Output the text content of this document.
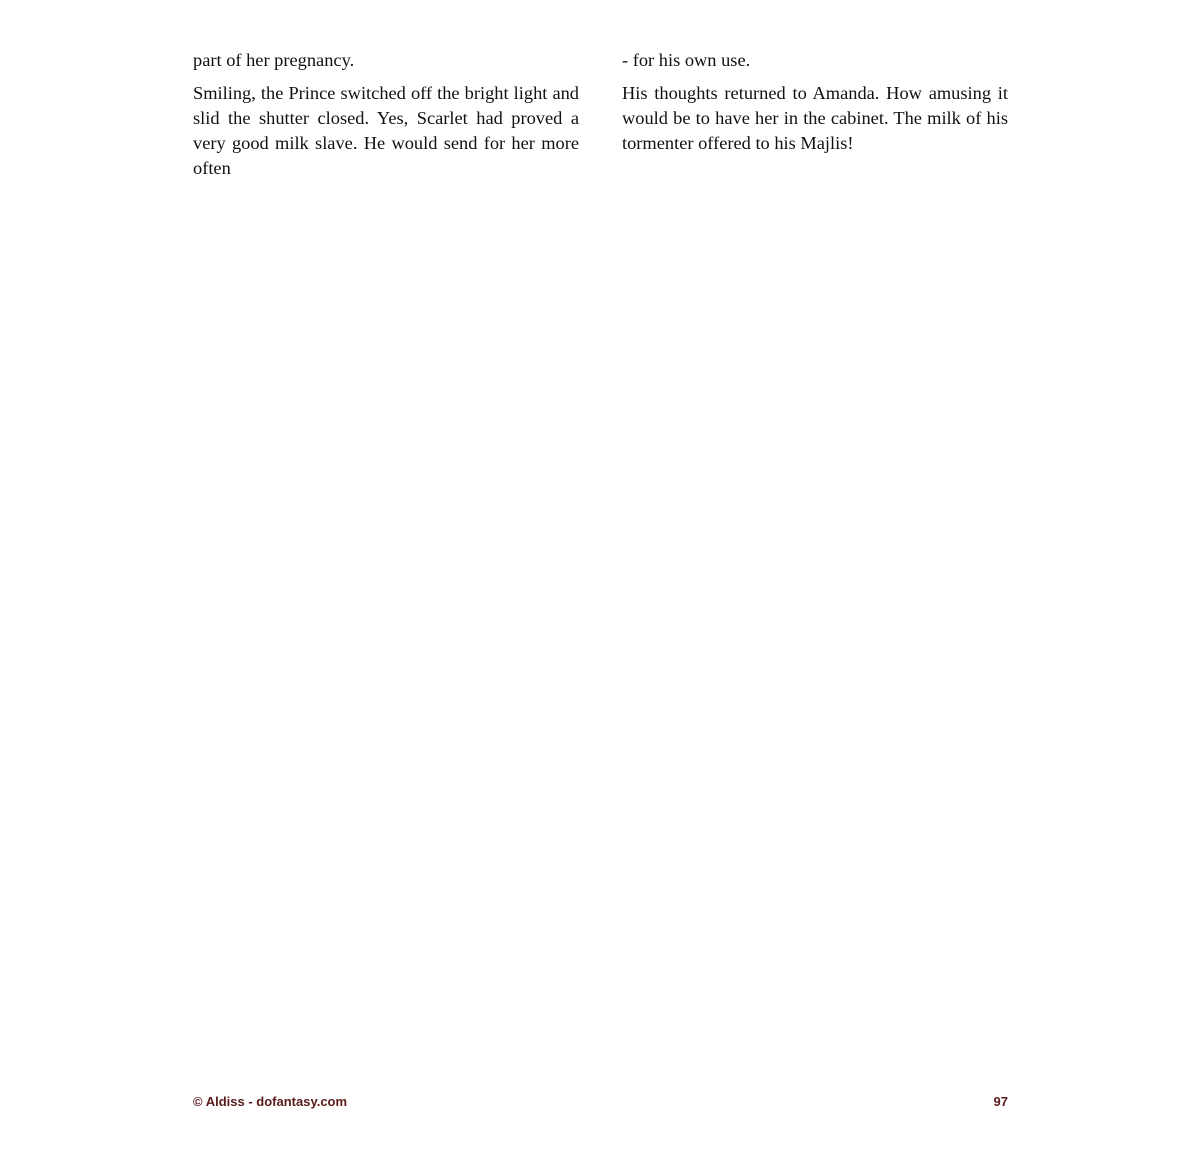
part of her pregnancy.

Smiling, the Prince switched off the bright light and slid the shutter closed. Yes, Scarlet had proved a very good milk slave. He would send for her more often

- for his own use.

His thoughts returned to Amanda. How amusing it would be to have her in the cabinet. The milk of his tormenter offered to his Majlis!

© Aldiss - dofantasy.com	97
